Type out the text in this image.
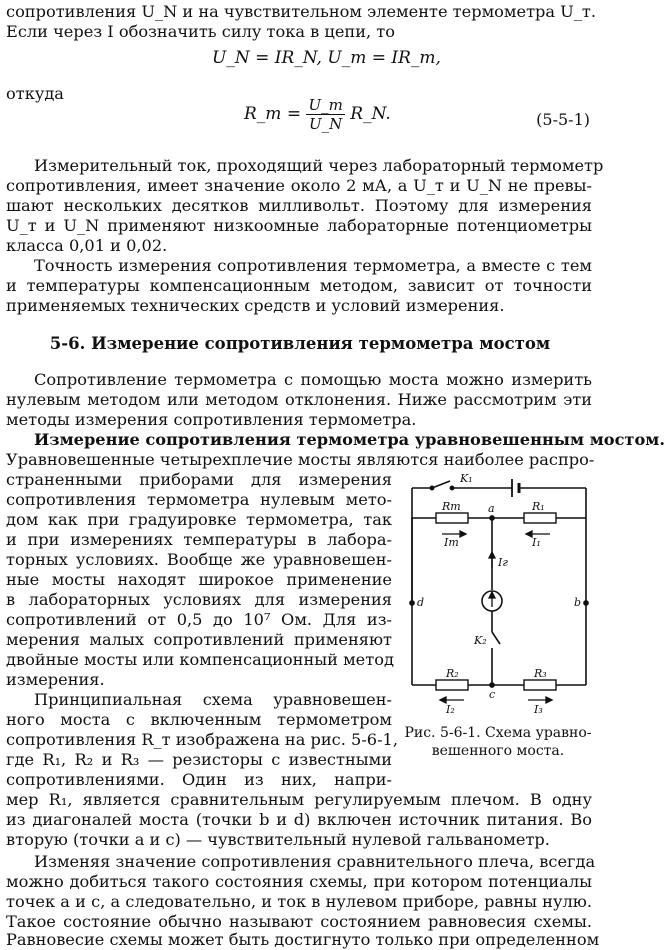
сопротивления U_N и на чувствительном элементе термометра U_т.
Если через I обозначить силу тока в цепи, то
U_N = IR_N, U_т = IR_т,
откуда
R_т = $\frac{U\_т}{U\_N}$ R_N.	(5-5-1)
Измерительный ток, проходящий через лабораторный термометр
сопротивления, имеет значение около 2 мА, а U_т и U_N не превы-
шают нескольких десятков милливольт. Поэтому для измерения
U_т и U_N применяют низкоомные лабораторные потенциометры
класса 0,01 и 0,02.
Точность измерения сопротивления термометра, а вместе с тем
и температуры компенсационным методом, зависит от точности
применяемых технических средств и условий измерения.
5-6. Измерение сопротивления термометра мостом
Сопротивление термометра с помощью моста можно измерить
нулевым методом или методом отклонения. Ниже рассмотрим эти
методы измерения сопротивления термометра.
Измерение сопротивления термометра уравновешенным мостом.
Уравновешенные четырехплечие мосты являются наиболее распро-
страненными приборами для измерения
сопротивления термометра нулевым мето-
дом как при градуировке термометра, так
и при измерениях температуры в лабора-
торных условиях. Вообще же уравновешен-
ные мосты находят широкое применение
в лабораторных условиях для измерения
сопротивлений от 0,5 до 10⁷ Ом. Для из-
мерения малых сопротивлений применяют
двойные мосты или компенсационный метод
измерения.
Принципиальная схема уравновешен-
ного моста с включенным термометром
сопротивления R_т изображена на рис. 5-6-1,
где R₁, R₂ и R₃ — резисторы с известными
сопротивлениями. Один из них, напри-
мер R₁, является сравнительным регулируемым плечом. В одну
из диагоналей моста (точки b и d) включен источник питания. Во
вторую (точки a и c) — чувствительный нулевой гальванометр.
Изменяя значение сопротивления сравнительного плеча, всегда
можно добиться такого состояния схемы, при котором потенциалы
точек a и c, а следовательно, и ток в нулевом приборе, равны нулю.
Такое состояние обычно называют состоянием равновесия схемы.
Равновесие схемы может быть достигнуто только при определенном
K₁
Rт	R₁
a
Iт	I₁
Iг
d	b
K₂
R₂	R₃
c
I₂	I₃
Рис. 5-6-1. Схема уравно-
вешенного моста.
